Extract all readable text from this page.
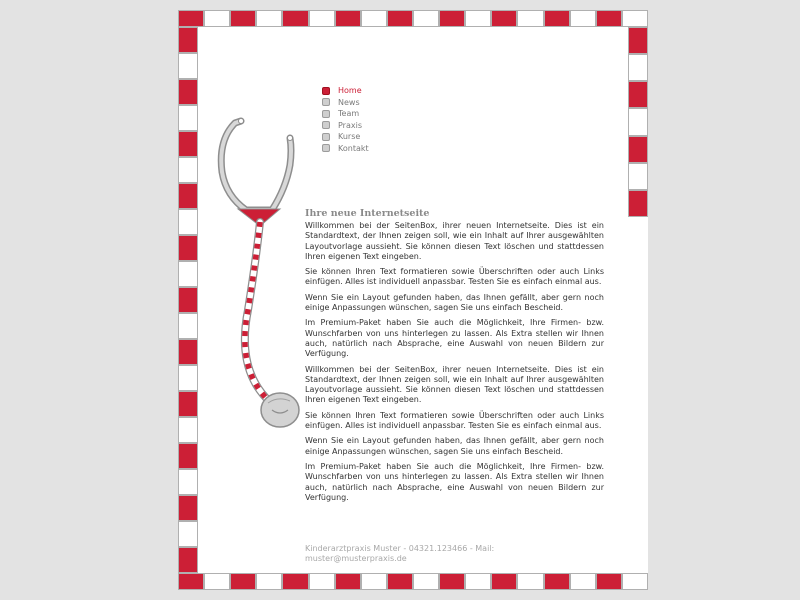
Home
News
Team
Praxis
Kurse
Kontakt
Ihre neue Internetseite

Willkommen bei der SeitenBox, ihrer neuen Internetseite. Dies ist ein Standardtext, der Ihnen zeigen soll, wie ein Inhalt auf Ihrer ausgewählten Layoutvorlage aussieht. Sie können diesen Text löschen und stattdessen Ihren eigenen Text eingeben.

Sie können Ihren Text formatieren sowie Überschriften oder auch Links einfügen. Alles ist individuell anpassbar. Testen Sie es einfach einmal aus.

Wenn Sie ein Layout gefunden haben, das Ihnen gefällt, aber gern noch einige Anpassungen wünschen, sagen Sie uns einfach Bescheid.

Im Premium-Paket haben Sie auch die Möglichkeit, Ihre Firmen- bzw. Wunschfarben von uns hinterlegen zu lassen. Als Extra stellen wir Ihnen auch, natürlich nach Absprache, eine Auswahl von neuen Bildern zur Verfügung.

Willkommen bei der SeitenBox, ihrer neuen Internetseite. Dies ist ein Standardtext, der Ihnen zeigen soll, wie ein Inhalt auf Ihrer ausgewählten Layoutvorlage aussieht. Sie können diesen Text löschen und stattdessen Ihren eigenen Text eingeben.

Sie können Ihren Text formatieren sowie Überschriften oder auch Links einfügen. Alles ist individuell anpassbar. Testen Sie es einfach einmal aus.

Wenn Sie ein Layout gefunden haben, das Ihnen gefällt, aber gern noch einige Anpassungen wünschen, sagen Sie uns einfach Bescheid.

Im Premium-Paket haben Sie auch die Möglichkeit, Ihre Firmen- bzw. Wunschfarben von uns hinterlegen zu lassen. Als Extra stellen wir Ihnen auch, natürlich nach Absprache, eine Auswahl von neuen Bildern zur Verfügung.

Kinderarztpraxis Muster - 04321.123466 - Mail: muster@musterpraxis.de
